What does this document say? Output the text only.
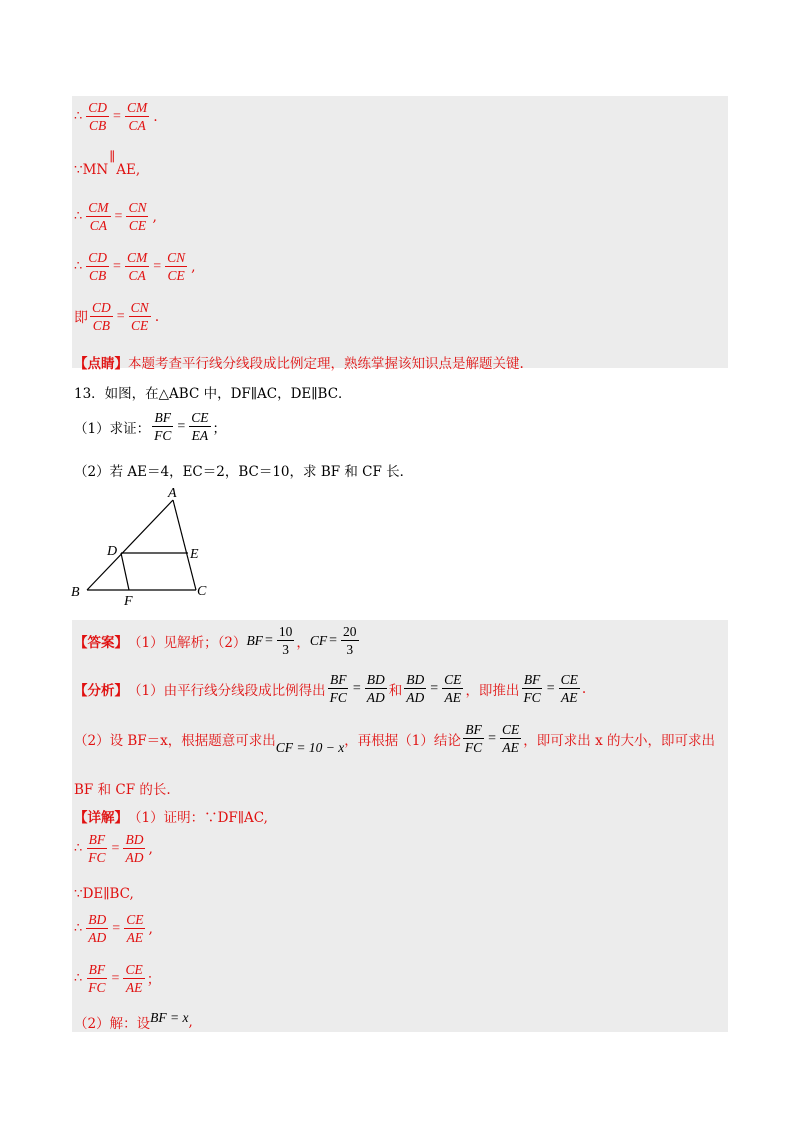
∴ $\frac{CD}{CB} = \frac{CM}{CA}$ .
∵ MN
∥
AE,
∴ $\frac{CM}{CA} = \frac{CN}{CE}$ ,
∴ $\frac{CD}{CB} = \frac{CM}{CA} = \frac{CN}{CE}$ ,
即 $\frac{CD}{CB} = \frac{CN}{CE}$ .
【点睛】 本题考查平行线分线段成比例定理，熟练掌握该知识点是解题关键.
13．如图，在△ABC 中，DF∥AC，DE∥BC．
（1）求证： $\frac{BF}{FC} = \frac{CE}{EA}$ ；
（2）若 AE＝4，EC＝2，BC＝10，求 BF 和 CF 长．
A
B	C
D	E
F
【答案】 （1）见解析；（2） BF = $\frac{10}{3}$ ， CF = $\frac{20}{3}$
【分析】 （1）由平行线分线段成比例得出 $\frac{BF}{FC} = \frac{BD}{AD}$ 和 $\frac{BD}{AD} = \frac{CE}{AE}$ ，即推出 $\frac{BF}{FC} = \frac{CE}{AE}$ .
（2）设 BF＝x，根据题意可求出 CF = 10 − x ，再根据（1）结论 $\frac{BF}{FC} = \frac{CE}{AE}$ ，即可求出 x 的大小，即可求出
BF 和 CF 的长.
【详解】 （1）证明：∵DF∥AC,
∴ $\frac{BF}{FC} = \frac{BD}{AD}$ ,
∵DE∥BC,
∴ $\frac{BD}{AD} = \frac{CE}{AE}$ ,
∴ $\frac{BF}{FC} = \frac{CE}{AE}$ ；
（2）解：设 BF = x ,
